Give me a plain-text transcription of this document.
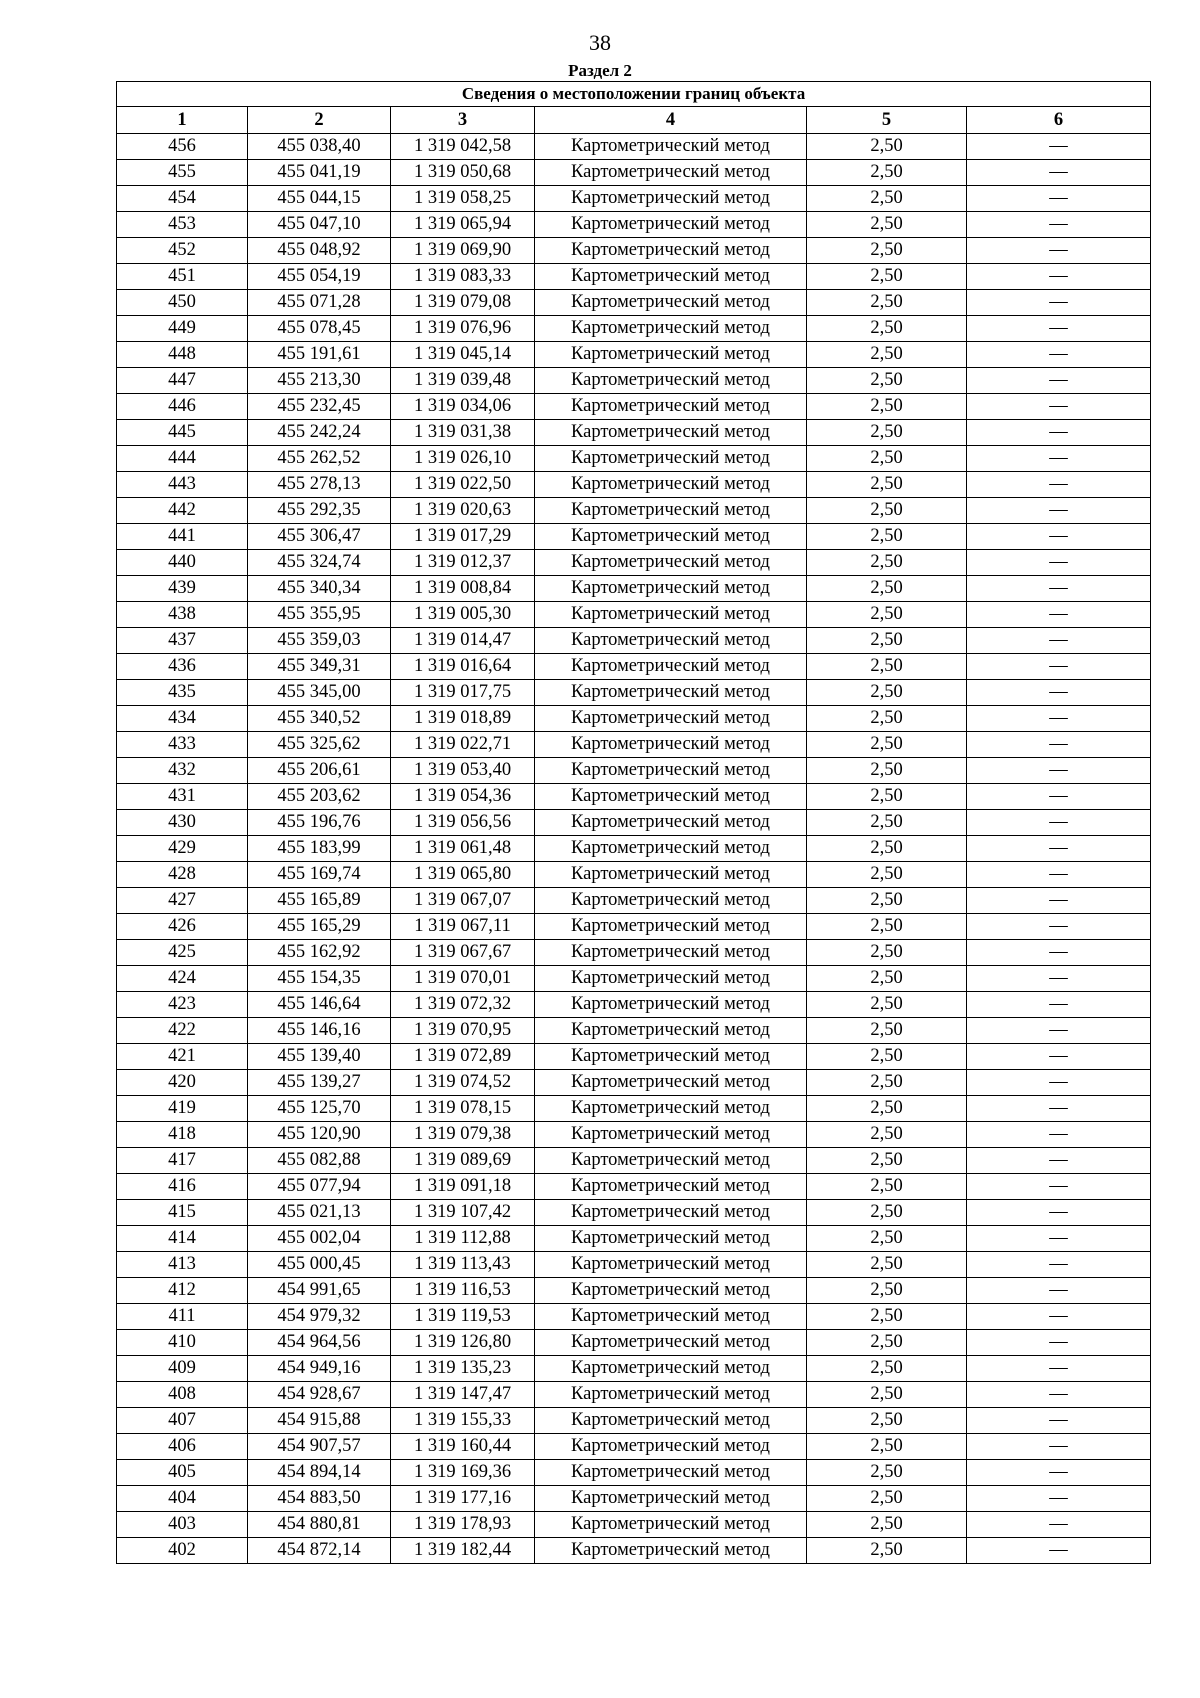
38
Раздел 2
Сведения о местоположении границ объекта					
1	2	3	4	5	6
456	455 038,40	1 319 042,58	Картометрический метод	2,50	—
455	455 041,19	1 319 050,68	Картометрический метод	2,50	—
454	455 044,15	1 319 058,25	Картометрический метод	2,50	—
453	455 047,10	1 319 065,94	Картометрический метод	2,50	—
452	455 048,92	1 319 069,90	Картометрический метод	2,50	—
451	455 054,19	1 319 083,33	Картометрический метод	2,50	—
450	455 071,28	1 319 079,08	Картометрический метод	2,50	—
449	455 078,45	1 319 076,96	Картометрический метод	2,50	—
448	455 191,61	1 319 045,14	Картометрический метод	2,50	—
447	455 213,30	1 319 039,48	Картометрический метод	2,50	—
446	455 232,45	1 319 034,06	Картометрический метод	2,50	—
445	455 242,24	1 319 031,38	Картометрический метод	2,50	—
444	455 262,52	1 319 026,10	Картометрический метод	2,50	—
443	455 278,13	1 319 022,50	Картометрический метод	2,50	—
442	455 292,35	1 319 020,63	Картометрический метод	2,50	—
441	455 306,47	1 319 017,29	Картометрический метод	2,50	—
440	455 324,74	1 319 012,37	Картометрический метод	2,50	—
439	455 340,34	1 319 008,84	Картометрический метод	2,50	—
438	455 355,95	1 319 005,30	Картометрический метод	2,50	—
437	455 359,03	1 319 014,47	Картометрический метод	2,50	—
436	455 349,31	1 319 016,64	Картометрический метод	2,50	—
435	455 345,00	1 319 017,75	Картометрический метод	2,50	—
434	455 340,52	1 319 018,89	Картометрический метод	2,50	—
433	455 325,62	1 319 022,71	Картометрический метод	2,50	—
432	455 206,61	1 319 053,40	Картометрический метод	2,50	—
431	455 203,62	1 319 054,36	Картометрический метод	2,50	—
430	455 196,76	1 319 056,56	Картометрический метод	2,50	—
429	455 183,99	1 319 061,48	Картометрический метод	2,50	—
428	455 169,74	1 319 065,80	Картометрический метод	2,50	—
427	455 165,89	1 319 067,07	Картометрический метод	2,50	—
426	455 165,29	1 319 067,11	Картометрический метод	2,50	—
425	455 162,92	1 319 067,67	Картометрический метод	2,50	—
424	455 154,35	1 319 070,01	Картометрический метод	2,50	—
423	455 146,64	1 319 072,32	Картометрический метод	2,50	—
422	455 146,16	1 319 070,95	Картометрический метод	2,50	—
421	455 139,40	1 319 072,89	Картометрический метод	2,50	—
420	455 139,27	1 319 074,52	Картометрический метод	2,50	—
419	455 125,70	1 319 078,15	Картометрический метод	2,50	—
418	455 120,90	1 319 079,38	Картометрический метод	2,50	—
417	455 082,88	1 319 089,69	Картометрический метод	2,50	—
416	455 077,94	1 319 091,18	Картометрический метод	2,50	—
415	455 021,13	1 319 107,42	Картометрический метод	2,50	—
414	455 002,04	1 319 112,88	Картометрический метод	2,50	—
413	455 000,45	1 319 113,43	Картометрический метод	2,50	—
412	454 991,65	1 319 116,53	Картометрический метод	2,50	—
411	454 979,32	1 319 119,53	Картометрический метод	2,50	—
410	454 964,56	1 319 126,80	Картометрический метод	2,50	—
409	454 949,16	1 319 135,23	Картометрический метод	2,50	—
408	454 928,67	1 319 147,47	Картометрический метод	2,50	—
407	454 915,88	1 319 155,33	Картометрический метод	2,50	—
406	454 907,57	1 319 160,44	Картометрический метод	2,50	—
405	454 894,14	1 319 169,36	Картометрический метод	2,50	—
404	454 883,50	1 319 177,16	Картометрический метод	2,50	—
403	454 880,81	1 319 178,93	Картометрический метод	2,50	—
402	454 872,14	1 319 182,44	Картометрический метод	2,50	—
